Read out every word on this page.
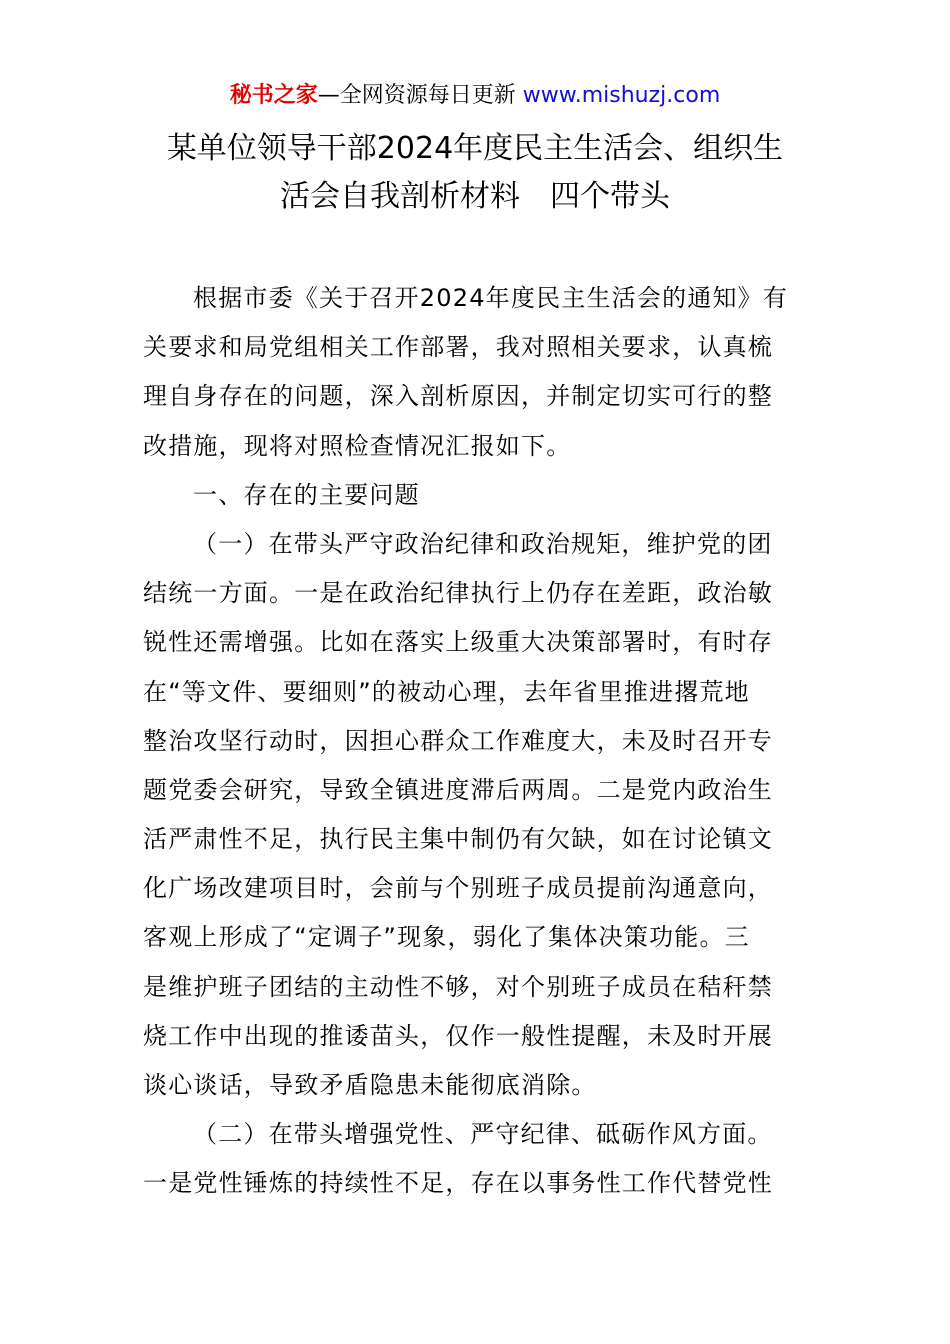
秘书之家—全网资源每日更新 www.mishuzj.com
某单位领导干部2024年度民主生活会、组织生
活会自我剖析材料　四个带头
根据市委《关于召开2024年度民主生活会的通知》有
关要求和局党组相关工作部署，我对照相关要求，认真梳
理自身存在的问题，深入剖析原因，并制定切实可行的整
改措施，现将对照检查情况汇报如下。
一、存在的主要问题
（一）在带头严守政治纪律和政治规矩，维护党的团
结统一方面。一是在政治纪律执行上仍存在差距，政治敏
锐性还需增强。比如在落实上级重大决策部署时，有时存
在“等文件、要细则”的被动心理，去年省里推进撂荒地
整治攻坚行动时，因担心群众工作难度大，未及时召开专
题党委会研究，导致全镇进度滞后两周。二是党内政治生
活严肃性不足，执行民主集中制仍有欠缺，如在讨论镇文
化广场改建项目时，会前与个别班子成员提前沟通意向，
客观上形成了“定调子”现象，弱化了集体决策功能。三
是维护班子团结的主动性不够，对个别班子成员在秸秆禁
烧工作中出现的推诿苗头，仅作一般性提醒，未及时开展
谈心谈话，导致矛盾隐患未能彻底消除。
（二）在带头增强党性、严守纪律、砥砺作风方面。
一是党性锤炼的持续性不足，存在以事务性工作代替党性
